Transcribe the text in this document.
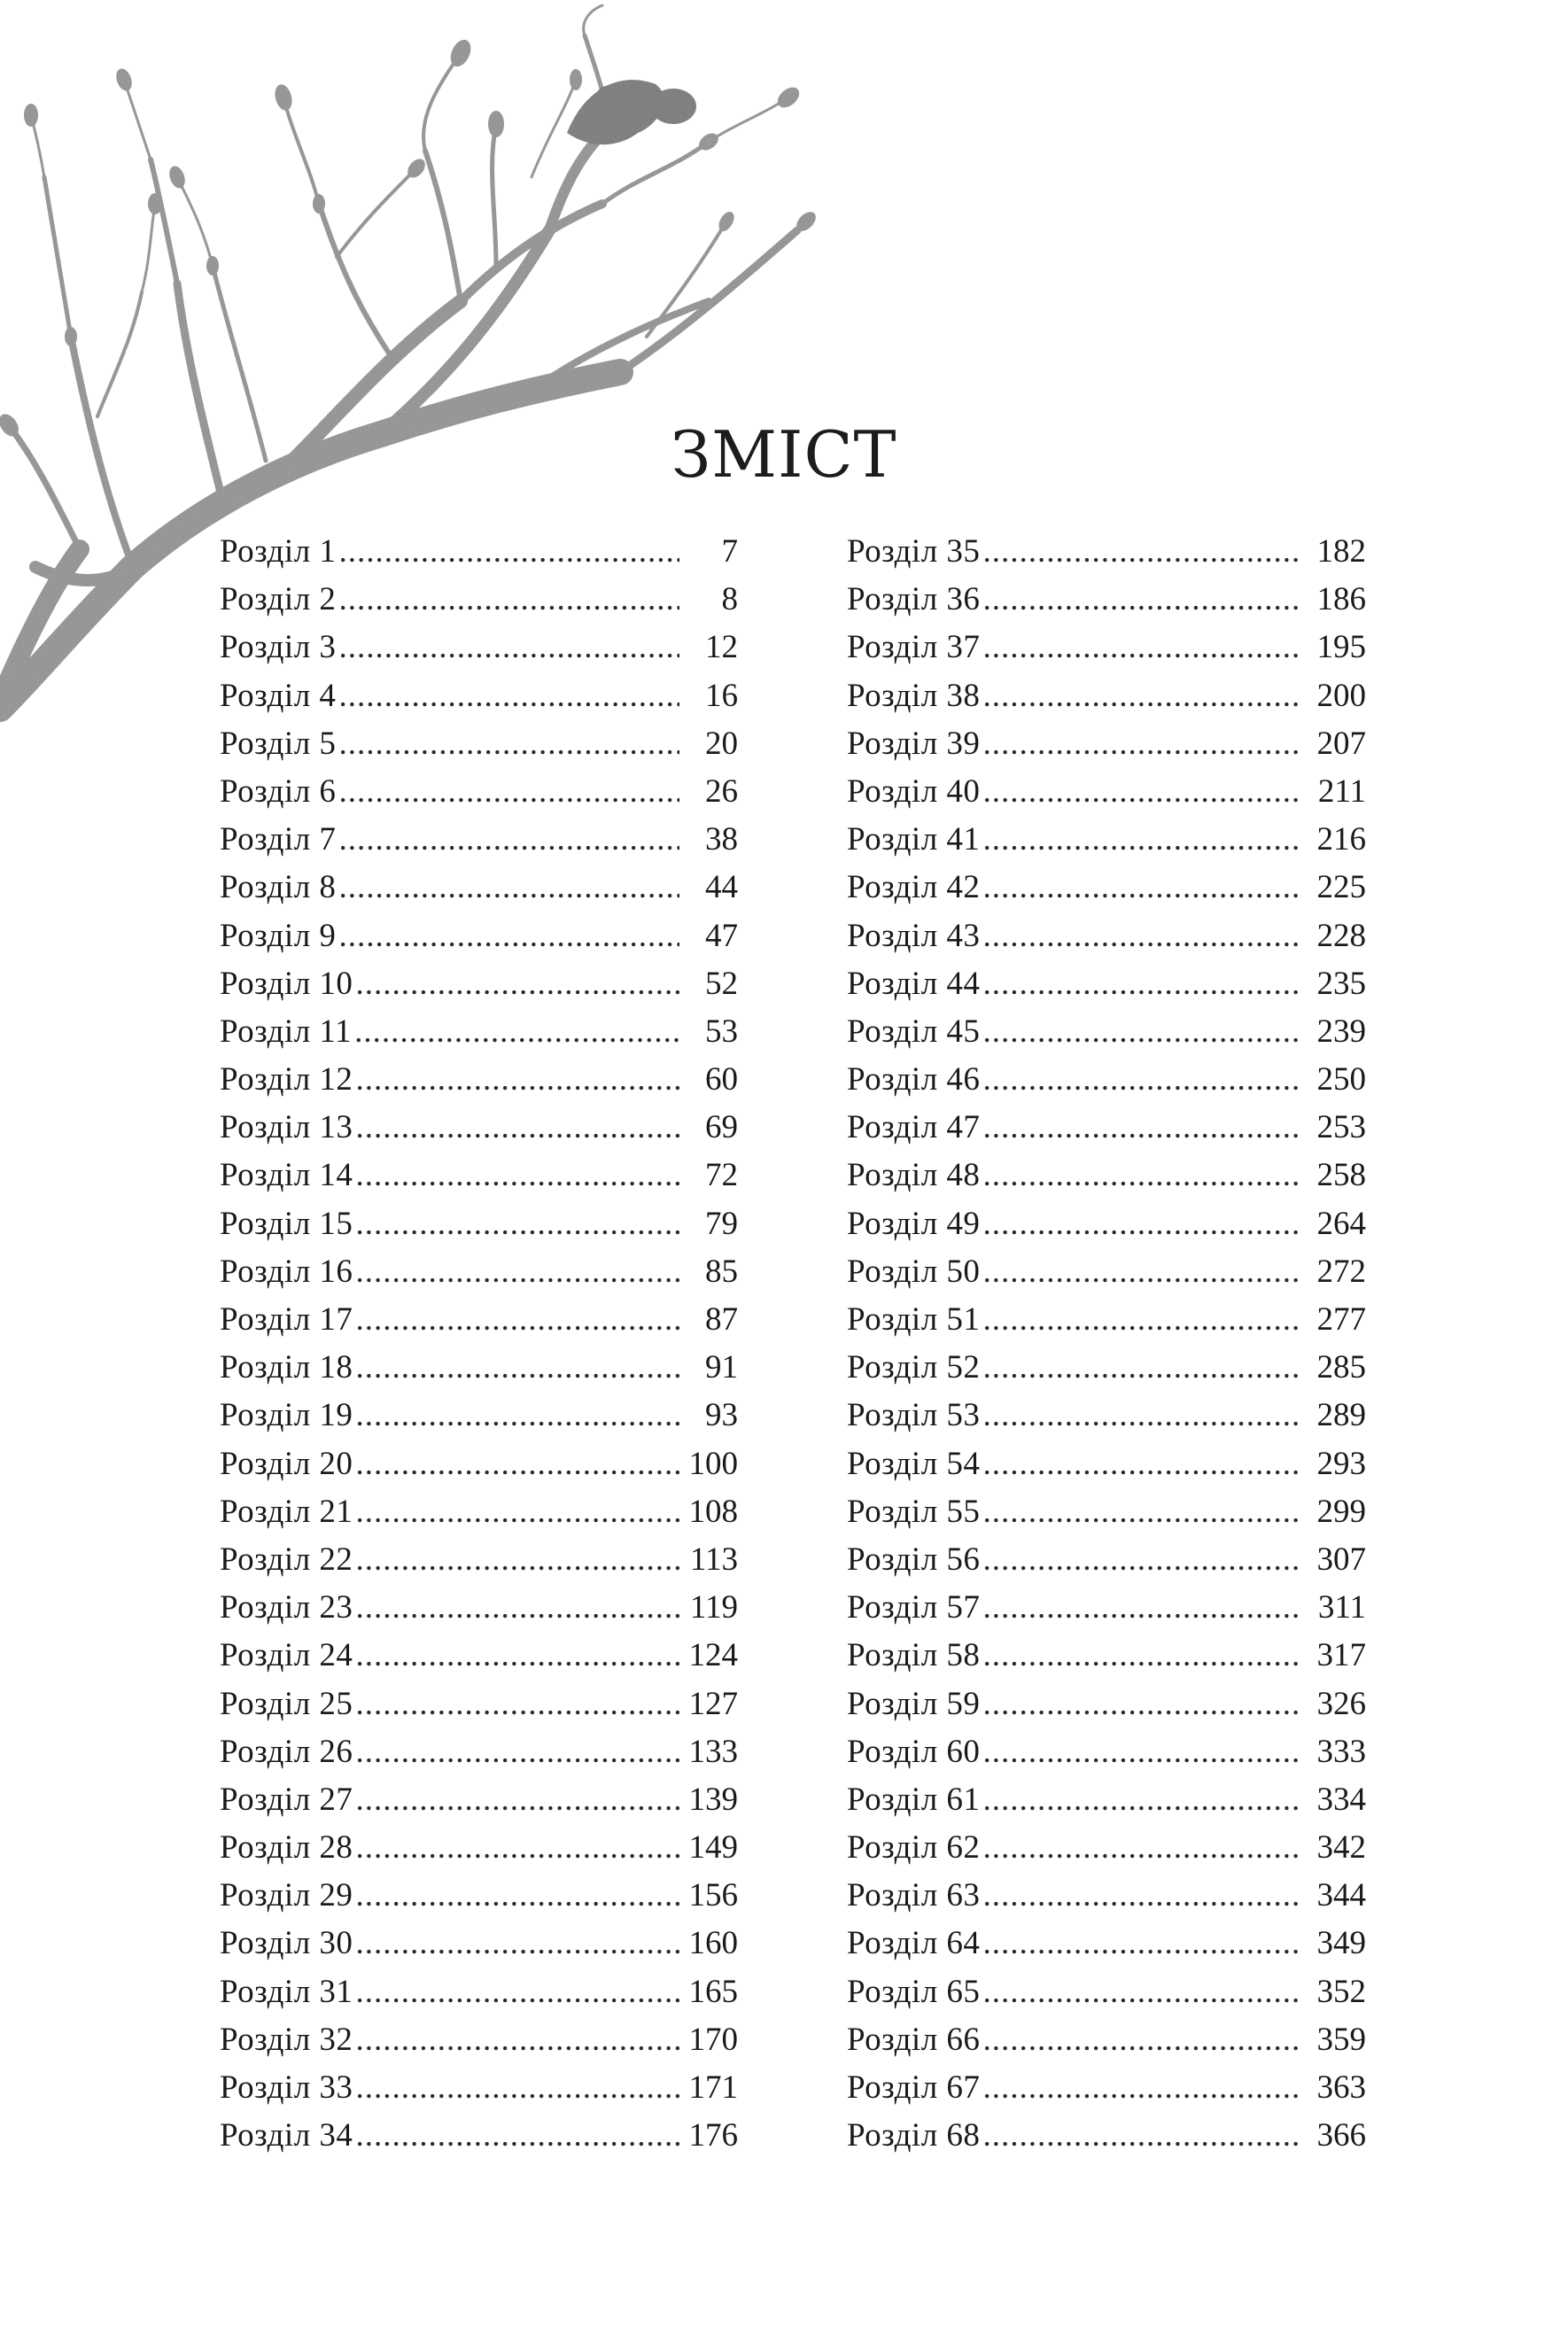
ЗМІСТ
Розділ 1 .....	7
Розділ 2 .....	8
Розділ 3 .....	12
Розділ 4 .....	16
Розділ 5 .....	20
Розділ 6 .....	26
Розділ 7 .....	38
Розділ 8 .....	44
Розділ 9 .....	47
Розділ 10 .....	52
Розділ 11 .....	53
Розділ 12 .....	60
Розділ 13 .....	69
Розділ 14 .....	72
Розділ 15 .....	79
Розділ 16 .....	85
Розділ 17 .....	87
Розділ 18 .....	91
Розділ 19 .....	93
Розділ 20 .....	100
Розділ 21 .....	108
Розділ 22 .....	113
Розділ 23 .....	119
Розділ 24 .....	124
Розділ 25 .....	127
Розділ 26 .....	133
Розділ 27 .....	139
Розділ 28 .....	149
Розділ 29 .....	156
Розділ 30 .....	160
Розділ 31 .....	165
Розділ 32 .....	170
Розділ 33 .....	171
Розділ 34 .....	176
Розділ 35 .....	182
Розділ 36 .....	186
Розділ 37 .....	195
Розділ 38 .....	200
Розділ 39 .....	207
Розділ 40 .....	211
Розділ 41 .....	216
Розділ 42 .....	225
Розділ 43 .....	228
Розділ 44 .....	235
Розділ 45 .....	239
Розділ 46 .....	250
Розділ 47 .....	253
Розділ 48 .....	258
Розділ 49 .....	264
Розділ 50 .....	272
Розділ 51 .....	277
Розділ 52 .....	285
Розділ 53 .....	289
Розділ 54 .....	293
Розділ 55 .....	299
Розділ 56 .....	307
Розділ 57 .....	311
Розділ 58 .....	317
Розділ 59 .....	326
Розділ 60 .....	333
Розділ 61 .....	334
Розділ 62 .....	342
Розділ 63 .....	344
Розділ 64 .....	349
Розділ 65 .....	352
Розділ 66 .....	359
Розділ 67 .....	363
Розділ 68 .....	366
